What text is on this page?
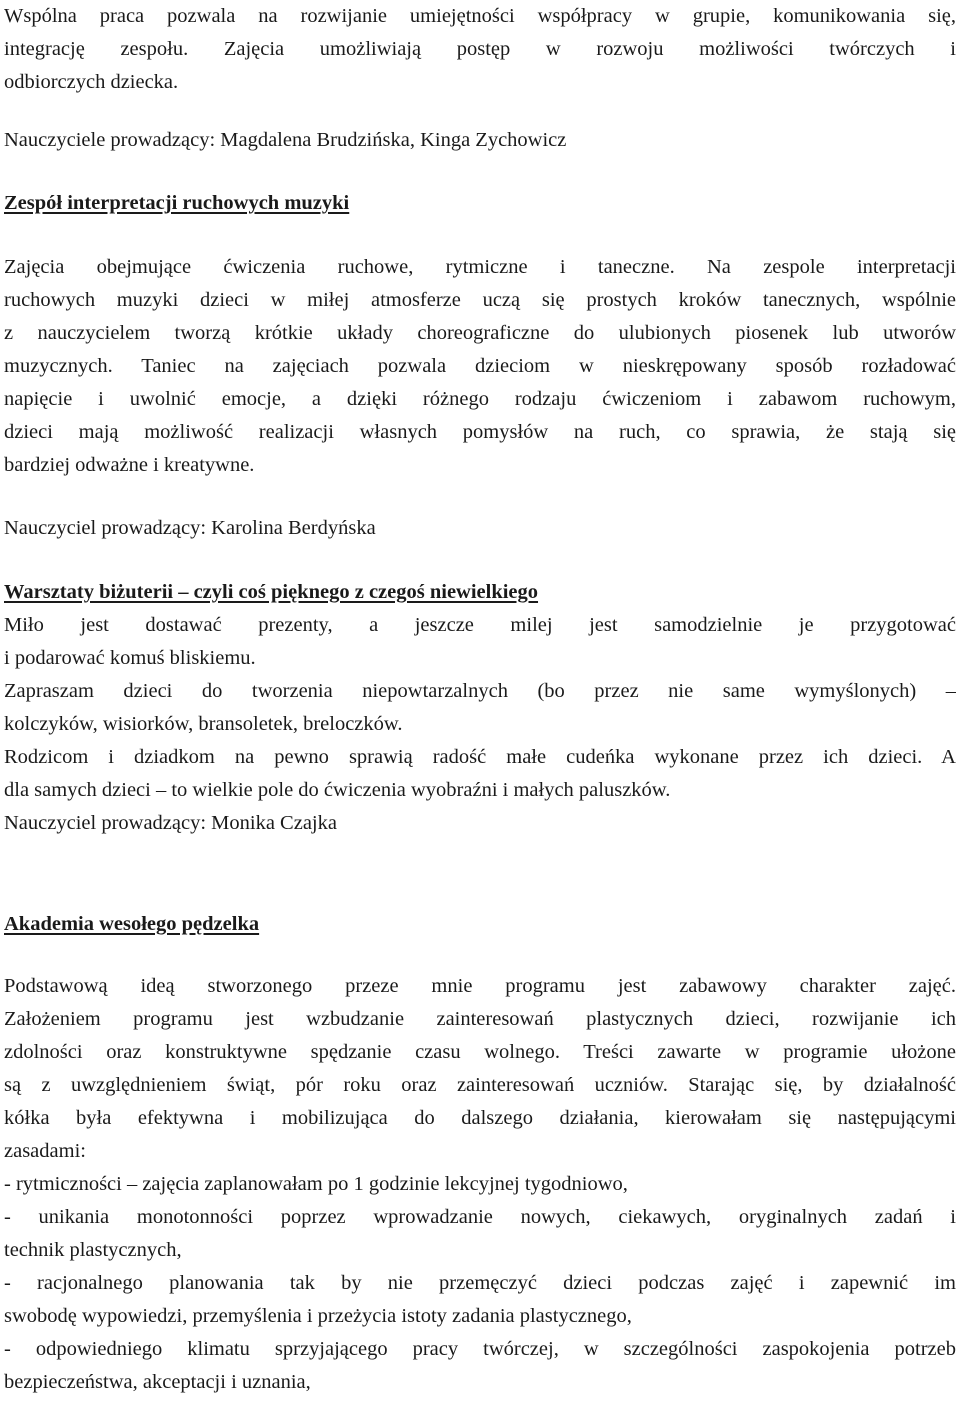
Wspólna praca pozwala na rozwijanie umiejętności współpracy w grupie, komunikowania się,
integrację zespołu. Zajęcia umożliwiają postęp w rozwoju możliwości twórczych i
odbiorczych dziecka.
Nauczyciele prowadzący: Magdalena Brudzińska, Kinga Zychowicz
Zespół interpretacji ruchowych muzyki
Zajęcia obejmujące ćwiczenia ruchowe, rytmiczne i taneczne. Na zespole interpretacji
ruchowych muzyki dzieci w miłej atmosferze uczą się prostych kroków tanecznych, wspólnie
z nauczycielem tworzą krótkie układy choreograficzne do ulubionych piosenek lub utworów
muzycznych. Taniec na zajęciach pozwala dzieciom w nieskrępowany sposób rozładować
napięcie i uwolnić emocje, a dzięki różnego rodzaju ćwiczeniom i zabawom ruchowym,
dzieci mają możliwość realizacji własnych pomysłów na ruch, co sprawia, że stają się
bardziej odważne i kreatywne.
Nauczyciel prowadzący: Karolina Berdyńska
Warsztaty biżuterii – czyli coś pięknego z czegoś niewielkiego
Miło jest dostawać prezenty, a jeszcze milej jest samodzielnie je przygotować
i podarować komuś bliskiemu.
Zapraszam dzieci do tworzenia niepowtarzalnych (bo przez nie same wymyślonych) –
kolczyków, wisiorków, bransoletek, breloczków.
Rodzicom i dziadkom na pewno sprawią radość małe cudeńka wykonane przez ich dzieci. A
dla samych dzieci – to wielkie pole do ćwiczenia wyobraźni i małych paluszków.
Nauczyciel prowadzący: Monika Czajka
Akademia wesołego pędzelka
Podstawową ideą stworzonego przeze mnie programu jest zabawowy charakter zajęć.
Założeniem programu jest wzbudzanie zainteresowań plastycznych dzieci, rozwijanie ich
zdolności oraz konstruktywne spędzanie czasu wolnego. Treści zawarte w programie ułożone
są z uwzględnieniem świąt, pór roku oraz zainteresowań uczniów. Starając się, by działalność
kółka była efektywna i mobilizująca do dalszego działania, kierowałam się następującymi
zasadami:
- rytmiczności – zajęcia zaplanowałam po 1 godzinie lekcyjnej tygodniowo,
- unikania monotonności poprzez wprowadzanie nowych, ciekawych, oryginalnych zadań i
technik plastycznych,
- racjonalnego planowania tak by nie przemęczyć dzieci podczas zajęć i zapewnić im
swobodę wypowiedzi, przemyślenia i przeżycia istoty zadania plastycznego,
- odpowiedniego klimatu sprzyjającego pracy twórczej, w szczególności zaspokojenia potrzeb
bezpieczeństwa, akceptacji i uznania,
